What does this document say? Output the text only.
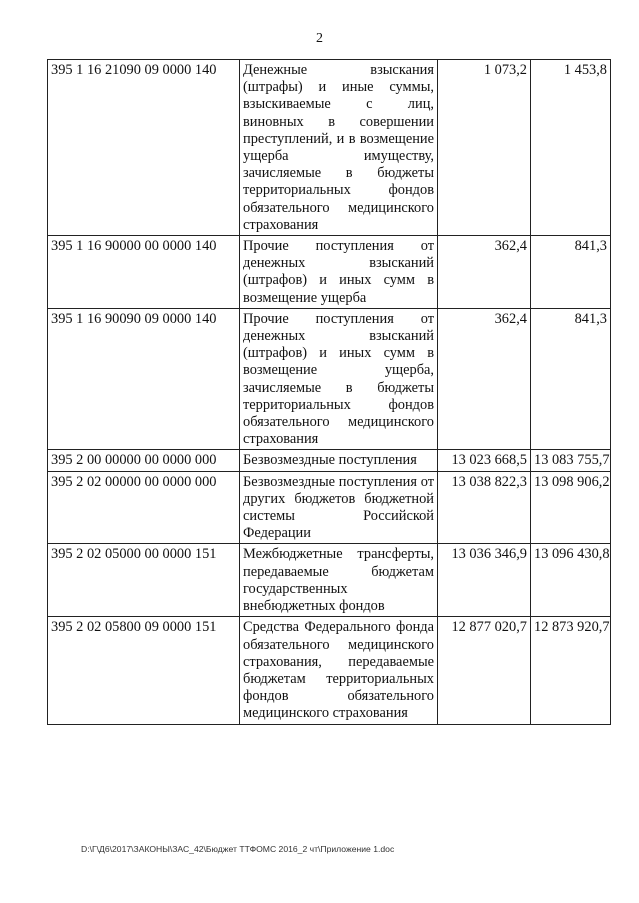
2
395 1 16 21090 09 0000 140	Денежные взыскания (штрафы) и иные суммы, взыскиваемые с лиц, виновных в совершении преступлений, и в возмещение ущерба имуществу, зачисляемые в бюджеты территориальных фондов обязательного медицинского страхования	1 073,2	1 453,8
395 1 16 90000 00 0000 140	Прочие поступления от денежных взысканий (штрафов) и иных сумм в возмещение ущерба	362,4	841,3
395 1 16 90090 09 0000 140	Прочие поступления от денежных взысканий (штрафов) и иных сумм в возмещение ущерба, зачисляемые в бюджеты территориальных фондов обязательного медицинского страхования	362,4	841,3
395 2 00 00000 00 0000 000	Безвозмездные поступления	13 023 668,5	13 083 755,7
395 2 02 00000 00 0000 000	Безвозмездные поступления от других бюджетов бюджетной системы Российской Федерации	13 038 822,3	13 098 906,2
395 2 02 05000 00 0000 151	Межбюджетные трансферты, передаваемые бюджетам государственных внебюджетных фондов	13 036 346,9	13 096 430,8
395 2 02 05800 09 0000 151	Средства Федерального фонда обязательного медицинского страхования, передаваемые бюджетам территориальных фондов обязательного медицинского страхования	12 877 020,7	12 873 920,7
D:\Г\Д6\2017\ЗАКОНЫ\ЗАС_42\Бюджет ТТФОМС 2016_2 чт\Приложение 1.doc
